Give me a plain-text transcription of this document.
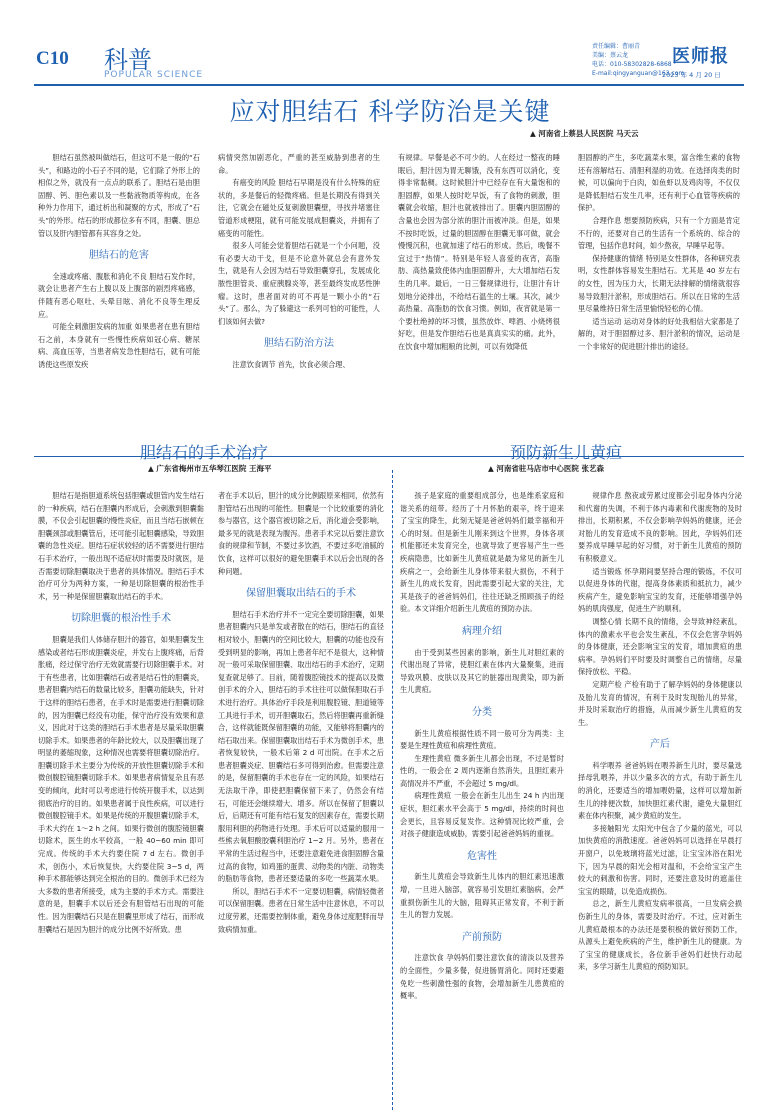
C10 科普
POPULAR SCIENCE
责任编辑：曹丽青
美编：蔡云龙
电话：010-58302828-6868
E-mail:qingyanguan@163.com
医师报
2023 年 4 月 20 日
应对胆结石 科学防治是关键
▲ 河南省上蔡县人民医院 马天云

胆结石虽然被叫做结石，但这可不是一般的“石头”，和路边的小石子不同的是，它们除了外形上的相似之外，就没有一点点的联系了。胆结石是由胆固醇、钙、胆色素以及一些黏液物质等构成，在各种外力作用下，通过析出和凝聚的方式，形成了“石头”的外形。结石的形成都位多有不同，胆囊、胆总管以及肝内胆管都有其容身之处。

胆结石的危害

全速或疼痛、腹胀和消化不良 胆结石发作时，就会让患者产生右上腹以及上腹部的剧烈疼痛感，伴随有恶心呕吐、头晕目眩、消化不良等生理反应。

可能全刺激胆发病的加重 如果患者在患有胆结石之前，本身就有一些慢性疾病如冠心病、糖尿病、高血压等，当患者病发急性胆结石，就有可能诱使这些原发疾

病情突然加剧恶化，严重的甚至威胁到患者的生命。

有癌变的风险 胆结石早期是没有什么特殊的症状的，多是餐后的轻微疼痛。但是长期没有得到关注，它就会在磁处反复刺激胆囊壁，寻找并堵塞住管道形成梗阻，就有可能发展成胆囊炎，并拥有了癌变的可能性。

很多人可能会觉着胆结石就是一个小问题，没有必要大动干戈，但是不论意外就总会有意外发生，就是有人会因为结石导致胆囊穿孔，发展成化脓性胆管炎、重症胰腺炎等，甚至最终发成恶性肿瘤。这时，患者面对的可不再是一颗小小的“石头”了。那么，为了躲避这一系列可怕的可能性，人们该如何去做?

胆结石防治方法

注意饮食调节 首先，饮食必须合理、

有规律。早餐是必不可少的。人在经过一整夜的睡眠后，胆汁因为胃无聊饿，没有东西可以消化，变得非常黏稠。这时候胆汁中已经存在有大量饱和的胆固醇，如果人按时吃早饭，有了食物的刺激，胆囊就会收缩，胆汁也就被排出了。胆囊内胆固醇的含量也会因为部分浓的胆汁而被冲淡。但是，如果不按时吃饭，过量的胆固醇在胆囊无事可做，就会慢慢沉积，也就加速了结石的形成。然后，晚餐不宜过于“热情”。特别是年轻人喜爱的夜宵，高脂肪、高热量致使体内血胆固醇升，大大增加结石发生的几率。最后，一日三餐规律进行，让胆汁有计划地分泌排出，不给结石温生的土壤。其次，减少高热量、高脂肪的饮食习惯。例如，夜宵就是第一个要杜绝掉的坏习惯，虽然放炸、啤酒、小烧烤很好吃，但是发作胆结石也是真真实实的痛。此外，在饮食中增加粗粮的比例，可以有效降低

胆固醇的产生，多吃蔬菜水果，富含维生素的食物还有溶解结石、清胆利湿的功效。在选择肉类的时候，可以偏向于白肉，如鱼虾以及鸡肉等，不仅仅是降低胆结石发生几率，还有利于心血管等疾病的保护。

合理作息 想要预防疾病，只有一个方面是肯定不行的，还要对自己的生活有一个系统的、综合的管理，包括作息时间，如少熬夜，早睡早起等。

保持健康的情绪 特别是女性群体，各种研究表明，女性群体容易发生胆结石。尤其是 40 岁左右的女性，因为压力大，长期无法排解的情绪就很容易导致胆汁淤积，形成胆结石。所以在日常的生活里尽量维持日常生活里愉悦轻松的心情。

适当运动 运动对身体的好处我相信大家都是了解的，对于胆固醇过多、胆汁淤积的情况，运动是一个非常好的促进胆汁排出的途径。

胆结石的手术治疗
▲ 广东省梅州市五华琴江医院 王海平
预防新生儿黄疸
▲ 河南省驻马店市中心医院 张艺森

胆结石是指胆道系统包括胆囊或胆管内发生结石的一种疾病，结石在胆囊内形成后，会刺激到胆囊黏膜，不仅会引起胆囊的慢性炎症，而且当结石嵌顿在胆囊颈部或胆囊管后，还可能引起胆囊感染，导致胆囊的急性炎症。胆结石症状较轻的话不需要进行胆结石手术治疗，一般出现不适症状时需要及时就医，是否需要切除胆囊取决于患者的具体情况。胆结石手术治疗可分为两种方案，一种是切除胆囊的根治性手术，另一种是保留胆囊取出结石的手术。

切除胆囊的根治性手术

胆囊是我们人体储存胆汁的器官，如果胆囊发生感染或者结石形成胆囊炎症，并发右上腹疼痛，后背胀痛，经过保守治疗无效就需要行切除胆囊手术。对于有些患者，比如胆囊结石或者是结石性的胆囊炎，患者胆囊内结石的数量比较多，胆囊功能缺失，针对于这样的胆结石患者，在手术时是需要进行胆囊切除的，因为胆囊已经没有功能，保守治疗没有效果和意义，因此对于这类的胆结石手术患者是尽量采取胆囊切除手术。如果患者的年龄比较大，以及胆囊出现了明显的萎缩现象，这种情况也需要将胆囊切除治疗。胆囊切除手术主要分为传统的开放性胆囊切除手术和微创腹腔镜胆囊切除手术。如果患者病情复杂且有恶变的倾向，此时可以考虑进行传统开腹手术，以达到彻底治疗的目的。如果患者属于良性疾病，可以进行微创腹腔镜手术。如果是传统的开腹胆囊切除手术，手术大约在 1～2 h 之间。如果行微创的腹腔镜胆囊切除术，医生的水平较高，一般 40~60 min 即可完成。传统的手术大约要住院 7 d 左右。微创手术，创伤小，术后恢复快，大约要住院 3~5 d，两种手术都能够达到完全根治的目的。微创手术已经为大多数的患者所接受，成为主要的手术方式。需要注意的是，胆囊手术以后还会有胆管结石出现的可能性。因为胆囊结石只是在胆囊里形成了结石，而形成胆囊结石是因为胆汁的成分比例不好所致。患

者在手术以后，胆汁的成分比例跟原来相同，依然有胆管结石出现的可能性。胆囊是一个比较重要的消化参与器官，这个器官被切除之后，消化道会受影响，最多见的就是表现为腹泻。患者手术完以后要注意饮食的规律和节制，不要过多饮酒，不要过多吃油腻的饮食，这样可以很好的避免胆囊手术以后会出现的各种问题。

保留胆囊取出结石的手术

胆结石手术治疗并不一定完全要切除胆囊，如果患者胆囊内只是单发或者散在的结石，胆结石的直径相对较小，胆囊内的空间比较大，胆囊的功能也没有受到明显的影响，再加上患者年纪不是很大，这种情况一般可采取保留胆囊、取出结石的手术治疗，定期复查就足够了。目前，随着腹腔镜技术的提高以及微创手术的介入，胆结石的手术往往可以做保胆取石手术进行治疗。具体治疗手段是利用腹腔镜、胆道镜等工具进行手术，切开胆囊取石，然后将胆囊再重新缝合，这样就能既保留胆囊的功能，又能够将胆囊内的结石取出来。保留胆囊取出结石手术为微创手术，患者恢复较快，一般术后第 2 d 可出院。在手术之后患者胆囊炎症、胆囊结石多可得到治愈。但需要注意的是，保留胆囊的手术也存在一定的风险，如果结石无法取干净，即使把胆囊保留下来了，仍然会有结石，可能还会继续增大、增多。所以在保留了胆囊以后，后期还有可能有结石复发的因素存在，需要长期服用利胆的药物进行处理。手术后可以适量的服用一些熊去氧胆酸胶囊利胆治疗 1~2 月。另外，患者在平常的生活过程当中，还要注意避免进食胆固醇含量过高的食物，如鸡蛋的蛋黄、动物类的内脏、动物类的脂肪等食物，患者还要适量的多吃一些蔬菜水果。

所以，胆结石手术不一定要切胆囊，病情轻微者可以保留胆囊。患者在日常生活中注意休息，不可以过度劳累，还需要控制体重，避免身体过度肥胖而导致病情加重。

孩子是家庭的重要组成部分，也是维系家庭和谐关系的纽带。经历了十月怀胎的艰辛，终于迎来了宝宝的降生，此刻无疑是爸爸妈妈们最幸福和开心的时刻。但是新生儿刚来到这个世界，身体各项机能都还未发育完全，也就导致了更容易产生一些疾病隐患，比如新生儿黄疸就是最为常见的新生儿疾病之一，会给新生儿身体带来很大损伤，不利于新生儿的成长发育，因此需要引起大家的关注，尤其是孩子的爸爸妈妈们，往往还缺乏照顾孩子的经验。本文详细介绍新生儿黄疸的预防办法。

病理介绍

由于受到某些因素的影响，新生儿对胆红素的代谢出现了异常，使胆红素在体内大量聚集，进而导致巩膜、皮肤以及其它的脏器出现黄染，即为新生儿黄疸。

分类

新生儿黄疸根据性质不同一般可分为两类：主要是生理性黄疸和病理性黄疸。

生理性黄疸 微多新生儿都会出现，不过是暂时性的，一般会在 2 周内逐渐自然消失，且胆红素升高情况并不严重，不会超过 5 mg/dl。

病理性黄疸 一般会在新生儿出生 24 h 内出现症状，胆红素水平会高于 5 mg/dl，持续的时间也会更长，且容易反复发作。这种情况比较严重，会对孩子健康造成威胁，需要引起爸爸妈妈的重视。

危害性

新生儿黄疸会导致新生儿体内的胆红素迅速激增，一旦进入脑部，就容易引发胆红素脑病，会严重损伤新生儿的大脑，阻碍其正常发育，不利于新生儿的智力发展。

产前预防

注意饮食 孕妈妈们要注意饮食的清淡以及营养的全面性，少量多餐，促进肠胃消化。同时还要避免吃一些刺激性强的食物，会增加新生儿患黄疸的概率。

规律作息 熬夜或劳累过度都会引起身体内分泌和代谢的失调，不利于体内毒素和代谢废物的及时排出，长期积累，不仅会影响孕妈妈的健康，还会对胎儿的发育造成不良的影响。因此，孕妈妈们还要养成早睡早起的好习惯，对于新生儿黄疸的预防有积极意义。

适当锻炼 怀孕期间要坚持合理的锻炼，不仅可以促进身体的代谢，提高身体素质和抵抗力，减少疾病产生，避免影响宝宝的发育，还能够增强孕妈妈的肌肉强度，促进生产的顺利。

调整心情 长期不良的情绪，会导致神经紊乱，体内的激素水平也会发生紊乱，不仅会危害孕妈妈的身体健康，还会影响宝宝的发育，增加黄疸的患病率。孕妈妈们平时要及时调整自己的情绪，尽量保持放松、平稳。

定期产检 产检有助于了解孕妈妈的身体健康以及胎儿发育的情况，有利于及时发现胎儿的异常，并及时采取治疗的措施，从而减少新生儿黄疸的发生。

产后

科学喂养 爸爸妈妈在喂养新生儿时，要尽量选择母乳喂养，并以少量多次的方式，有助于新生儿的消化，还要适当的增加喂奶量，这样可以增加新生儿的排便次数，加快胆红素代谢，避免大量胆红素在体内积聚，减少黄疸的发生。

多接触阳光 太阳光中包含了少量的蓝光，可以加快黄疸的消散速度。爸爸妈妈可以选择在早晨打开窗户，以免玻璃将蓝光过滤，让宝宝沐浴在阳光下，因为早晨的阳光会相对温和，不会给宝宝产生较大的刺激和伤害。同时，还要注意及时的遮盖住宝宝的眼睛，以免造成损伤。

总之，新生儿黄疸发病率很高，一旦发病会损伤新生儿的身体，需要及时治疗。不过，应对新生儿黄疸最根本的办法还是要积极的做好预防工作，从源头上避免疾病的产生，维护新生儿的健康。为了宝宝的健康成长，各位新手爸妈们赶快行动起来，多学习新生儿黄疸的预防知识。
